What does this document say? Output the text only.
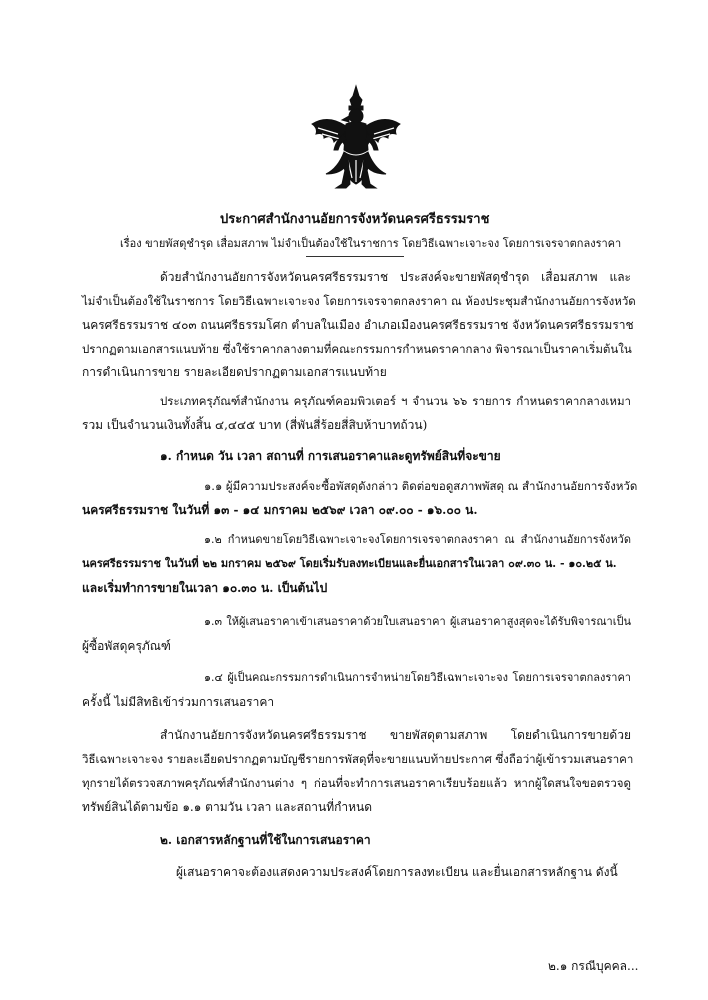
ประกาศสำนักงานอัยการจังหวัดนครศรีธรรมราช
เรื่อง ขายพัสดุชำรุด เสื่อมสภาพ ไม่จำเป็นต้องใช้ในราชการ โดยวิธีเฉพาะเจาะจง โดยการเจรจาตกลงราคา
ด้วยสำนักงานอัยการจังหวัดนครศรีธรรมราช ประสงค์จะขายพัสดุชำรุด เสื่อมสภาพ และ
ไม่จำเป็นต้องใช้ในราชการ โดยวิธีเฉพาะเจาะจง โดยการเจรจาตกลงราคา ณ ห้องประชุมสำนักงานอัยการจังหวัด
นครศรีธรรมราช ๔๐๓ ถนนศรีธรรมโศก ตำบลในเมือง อำเภอเมืองนครศรีธรรมราช จังหวัดนครศรีธรรมราช
ปรากฏตามเอกสารแนบท้าย ซึ่งใช้ราคากลางตามที่คณะกรรมการกำหนดราคากลาง พิจารณาเป็นราคาเริ่มต้นใน
การดำเนินการขาย รายละเอียดปรากฏตามเอกสารแนบท้าย
ประเภทครุภัณฑ์สำนักงาน ครุภัณฑ์คอมพิวเตอร์ ฯ จำนวน ๖๖ รายการ กำหนดราคากลางเหมา
รวม เป็นจำนวนเงินทั้งสิ้น ๔,๔๔๕ บาท (สี่พันสี่ร้อยสี่สิบห้าบาทถ้วน)
๑. กำหนด วัน เวลา สถานที่ การเสนอราคาและดูทรัพย์สินที่จะขาย
๑.๑ ผู้มีความประสงค์จะซื้อพัสดุดังกล่าว ติดต่อขอดูสภาพพัสดุ ณ สำนักงานอัยการจังหวัด
นครศรีธรรมราช ในวันที่ ๑๓ - ๑๔ มกราคม ๒๕๖๙ เวลา ๐๙.๐๐ - ๑๖.๐๐ น.
๑.๒ กำหนดขายโดยวิธีเฉพาะเจาะจงโดยการเจรจาตกลงราคา ณ สำนักงานอัยการจังหวัด
นครศรีธรรมราช ในวันที่ ๒๒ มกราคม ๒๕๖๙ โดยเริ่มรับลงทะเบียนและยื่นเอกสารในเวลา ๐๙.๓๐ น. - ๑๐.๒๕ น.
และเริ่มทำการขายในเวลา ๑๐.๓๐ น. เป็นต้นไป
๑.๓ ให้ผู้เสนอราคาเข้าเสนอราคาด้วยใบเสนอราคา ผู้เสนอราคาสูงสุดจะได้รับพิจารณาเป็น
ผู้ซื้อพัสดุครุภัณฑ์
๑.๔ ผู้เป็นคณะกรรมการดำเนินการจำหน่ายโดยวิธีเฉพาะเจาะจง โดยการเจรจาตกลงราคา
ครั้งนี้ ไม่มีสิทธิเข้าร่วมการเสนอราคา
สำนักงานอัยการจังหวัดนครศรีธรรมราช ขายพัสดุตามสภาพ โดยดำเนินการขายด้วย
วิธีเฉพาะเจาะจง รายละเอียดปรากฏตามบัญชีรายการพัสดุที่จะขายแนบท้ายประกาศ ซึ่งถือว่าผู้เข้ารวมเสนอราคา
ทุกรายได้ตรวจสภาพครุภัณฑ์สำนักงานต่าง ๆ ก่อนที่จะทำการเสนอราคาเรียบร้อยแล้ว หากผู้ใดสนใจขอตรวจดู
ทรัพย์สินได้ตามข้อ ๑.๑ ตามวัน เวลา และสถานที่กำหนด
๒. เอกสารหลักฐานที่ใช้ในการเสนอราคา
ผู้เสนอราคาจะต้องแสดงความประสงค์โดยการลงทะเบียน และยื่นเอกสารหลักฐาน ดังนี้
๒.๑ กรณีบุคคล...
